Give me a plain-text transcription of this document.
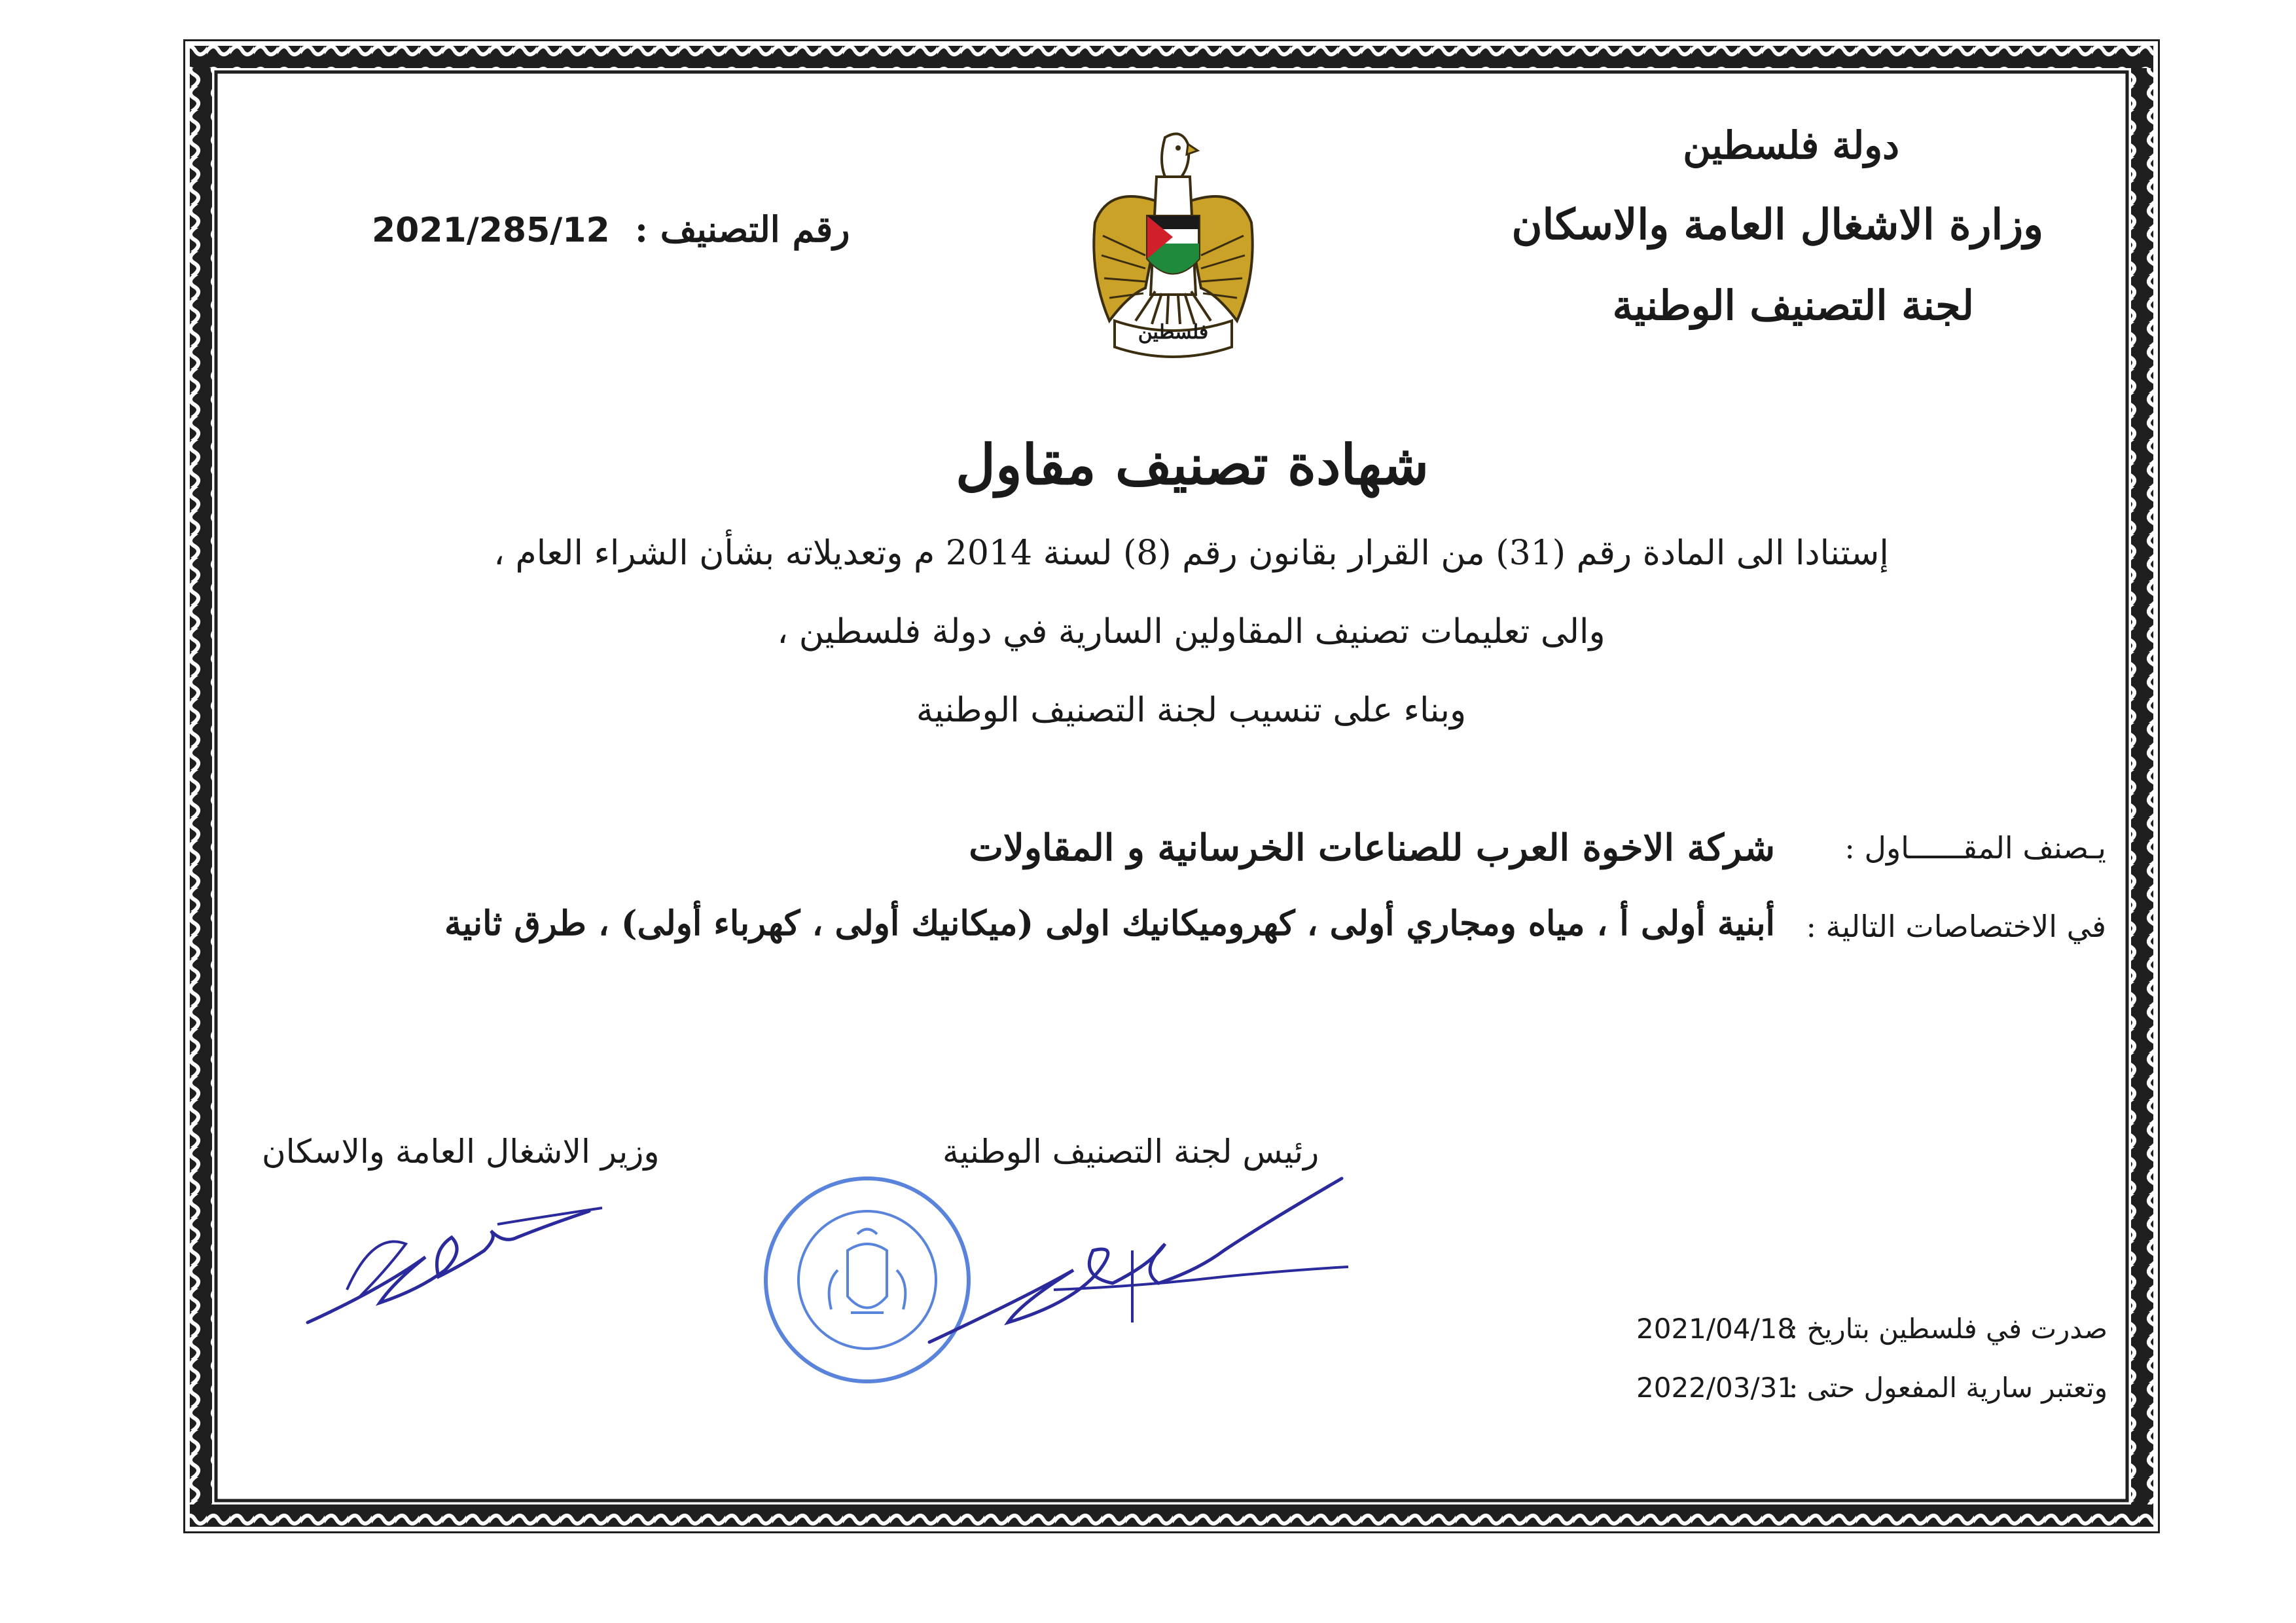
دولة فلسطين
وزارة الاشغال العامة والاسكان
لجنة التصنيف الوطنية
رقم التصنيف :
2021/285/12
فلسطين
شهادة تصنيف مقاول
إستنادا الى المادة رقم (31) من القرار بقانون رقم (8) لسنة 2014 م وتعديلاته بشأن الشراء العام ،
والى تعليمات تصنيف المقاولين السارية في دولة فلسطين ،
وبناء على تنسيب لجنة التصنيف الوطنية
يـصنف المقــــــاول :
شركة الاخوة العرب للصناعات الخرسانية و المقاولات
في الاختصاصات التالية :
أبنية أولى أ ، مياه ومجاري أولى ، كهروميكانيك اولى (ميكانيك أولى ، كهرباء أولى) ، طرق ثانية
وزير الاشغال العامة والاسكان	رئيس لجنة التصنيف الوطنية
صدرت في فلسطين بتاريخ :
2021/04/18
وتعتبر سارية المفعول حتى :
2022/03/31
